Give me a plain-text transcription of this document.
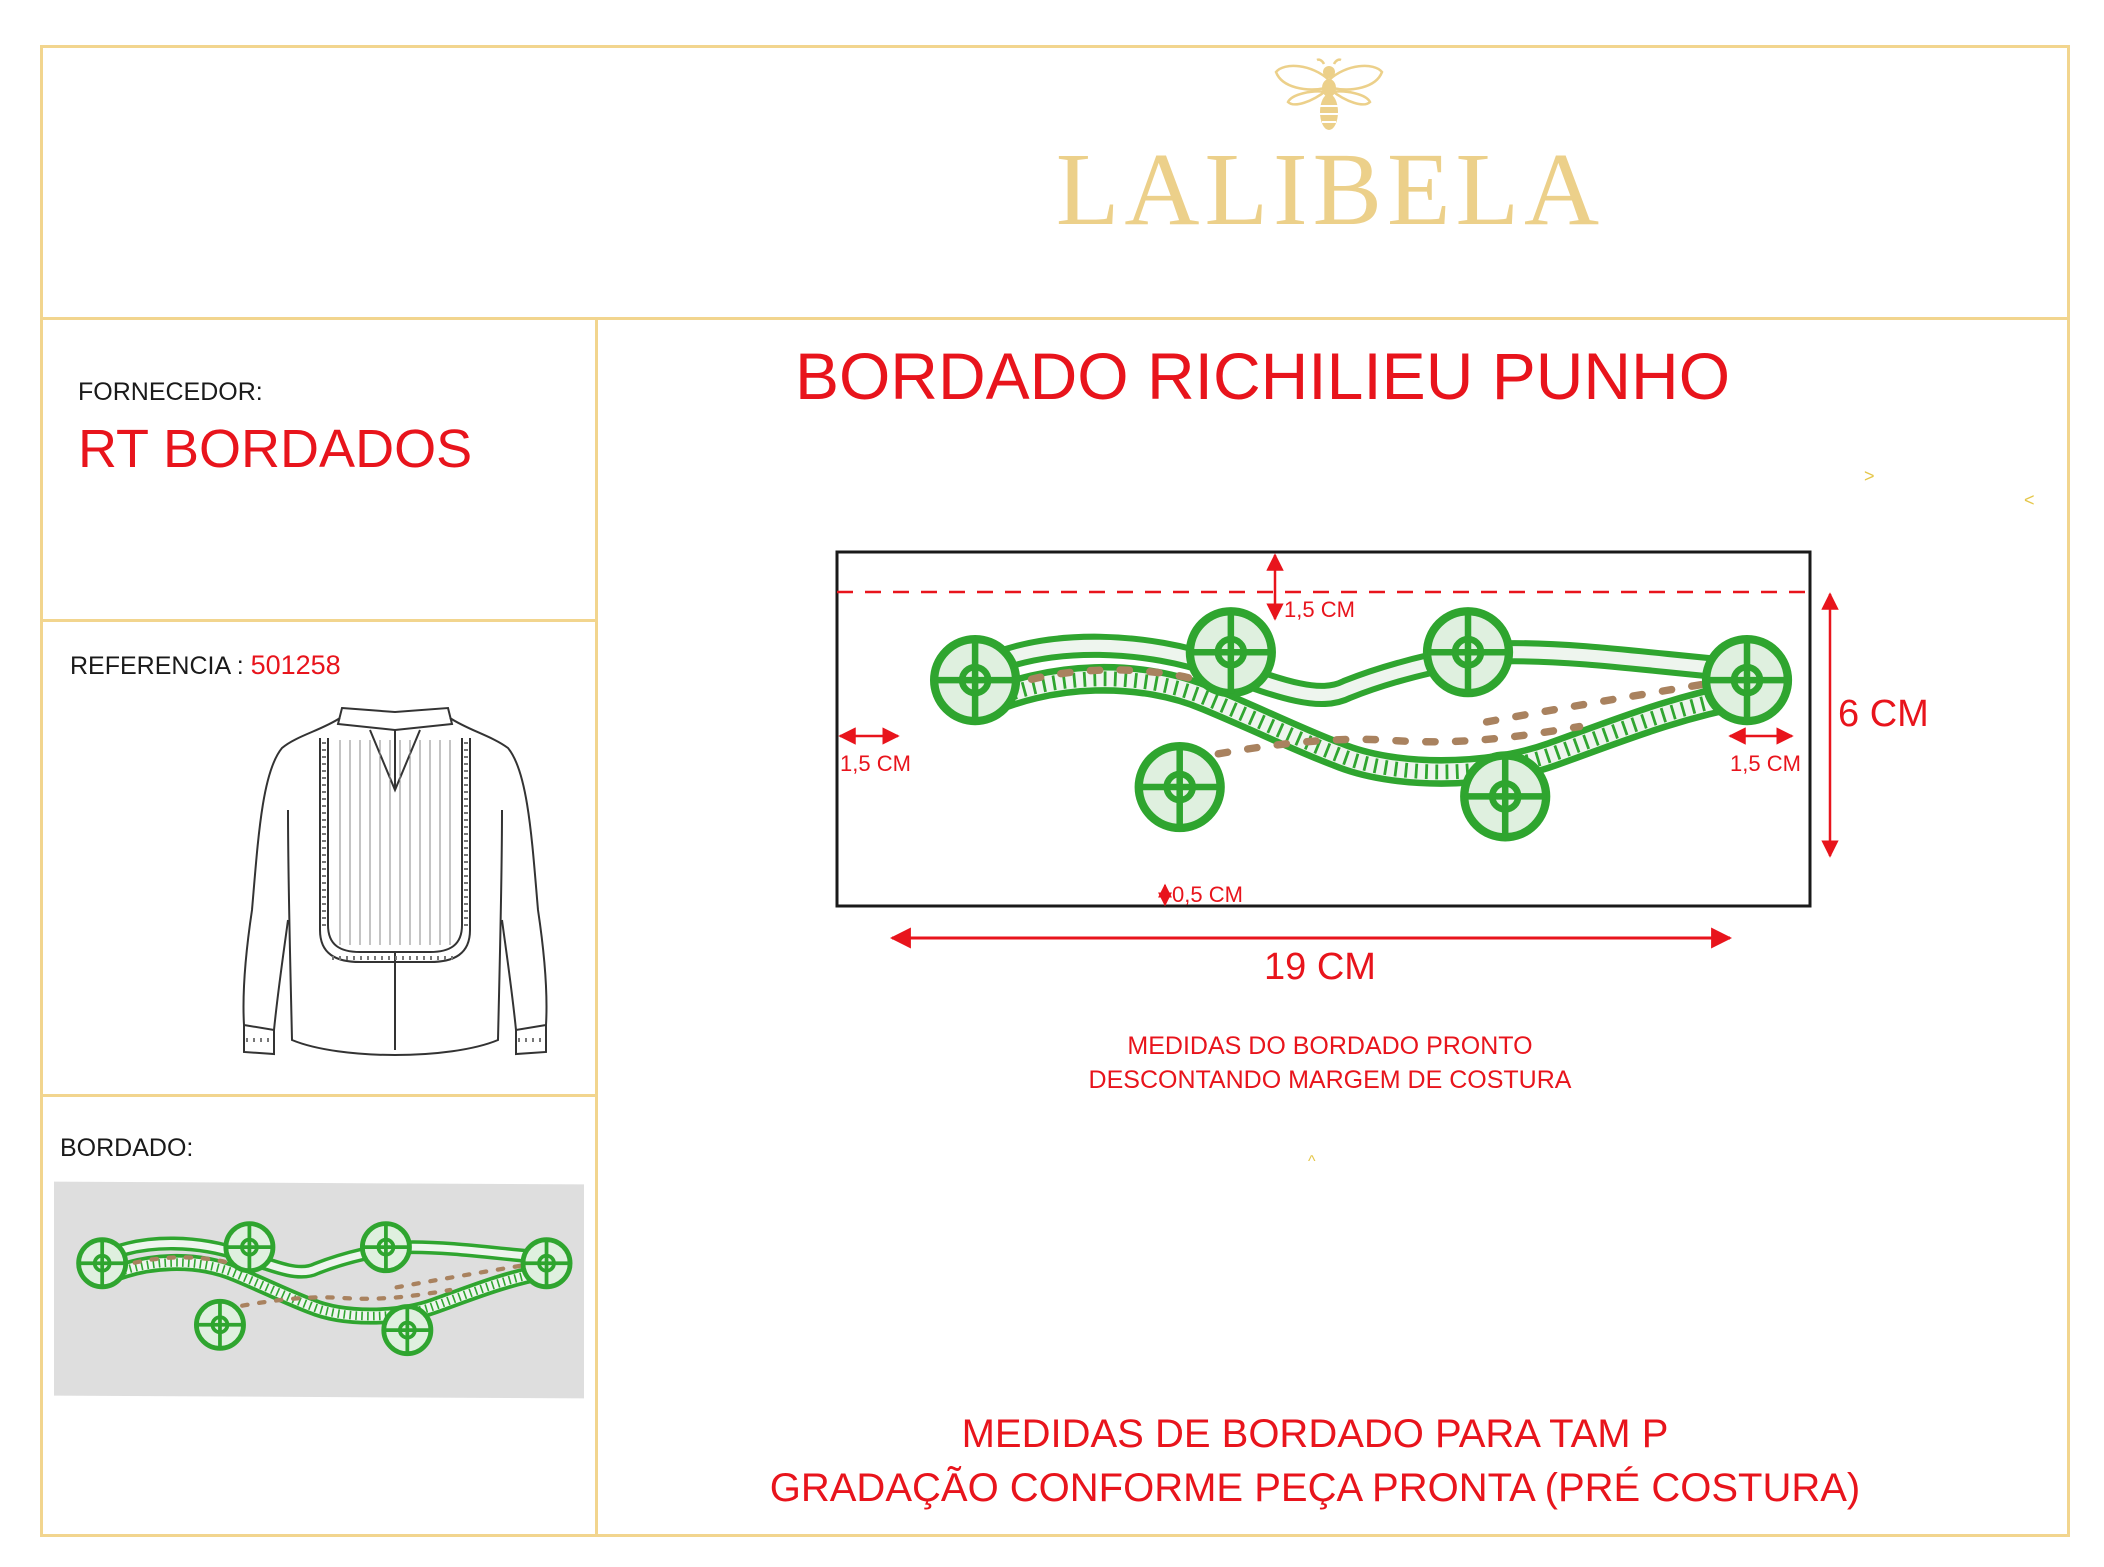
LALIBELA
FORNECEDOR:
RT BORDADOS
REFERENCIA : 501258
BORDADO:
BORDADO RICHILIEU PUNHO
>
<
^
1,5 CM
1,5 CM	1,5 CM
0,5 CM
6 CM
19 CM
MEDIDAS DO BORDADO PRONTO
DESCONTANDO MARGEM DE COSTURA
MEDIDAS DE BORDADO PARA TAM P
GRADAÇÃO CONFORME PEÇA PRONTA (PRÉ COSTURA)
